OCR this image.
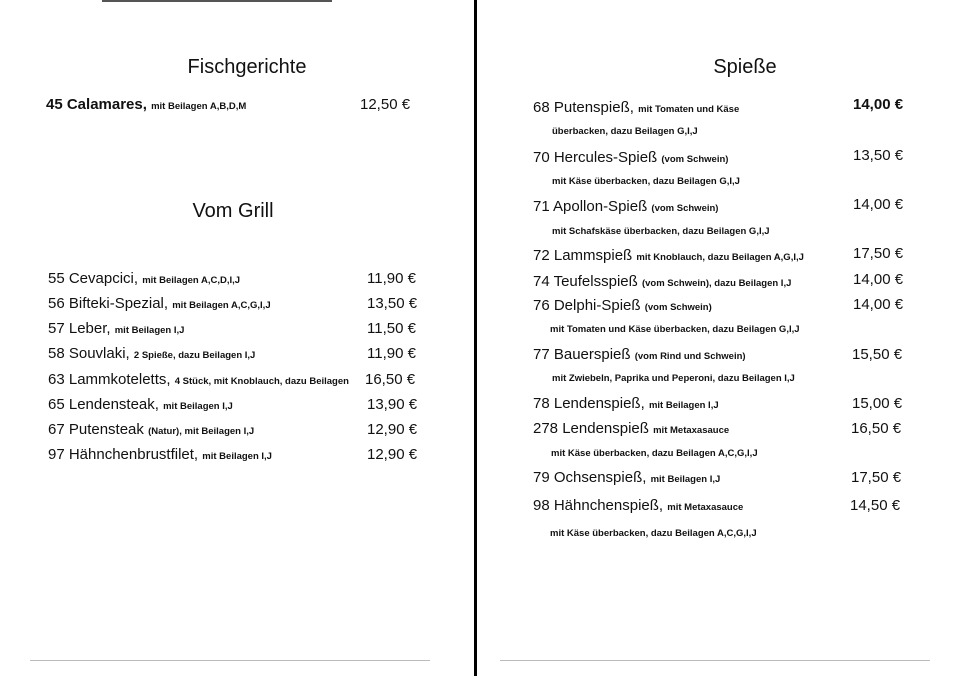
Fischgerichte
45 Calamares, mit Beilagen A,B,D,M	12,50 €
Vom Grill
55 Cevapcici, mit Beilagen A,C,D,I,J	11,90 €
56 Bifteki-Spezial, mit Beilagen A,C,G,I,J	13,50 €
57 Leber, mit Beilagen I,J	11,50 €
58 Souvlaki, 2 Spieße, dazu Beilagen I,J	11,90 €
63 Lammkoteletts, 4 Stück, mit Knoblauch, dazu Beilagen 16,50 €
65 Lendensteak, mit Beilagen I,J	13,90 €
67 Putensteak (Natur), mit Beilagen I,J	12,90 €
97 Hähnchenbrustfilet, mit Beilagen I,J	12,90 €
Spieße
68 Putenspieß, mit Tomaten und Käse	14,00 €
überbacken, dazu Beilagen G,I,J
70 Hercules-Spieß (vom Schwein)	13,50 €
mit Käse überbacken, dazu Beilagen G,I,J
71 Apollon-Spieß (vom Schwein)	14,00 €
mit Schafskäse überbacken, dazu Beilagen G,I,J
72 Lammspieß mit Knoblauch, dazu Beilagen A,G,I,J	17,50 €
74 Teufelsspieß (vom Schwein), dazu Beilagen I,J	14,00 €
76 Delphi-Spieß (vom Schwein)	14,00 €
mit Tomaten und Käse überbacken, dazu Beilagen G,I,J
77 Bauerspieß (vom Rind und Schwein)	15,50 €
mit Zwiebeln, Paprika und Peperoni, dazu Beilagen I,J
78 Lendenspieß, mit Beilagen I,J	15,00 €
278 Lendenspieß mit Metaxasauce	16,50 €
mit Käse überbacken, dazu Beilagen A,C,G,I,J
79 Ochsenspieß, mit Beilagen I,J	17,50 €
98 Hähnchenspieß, mit Metaxasauce	14,50 €
mit Käse überbacken, dazu Beilagen A,C,G,I,J
